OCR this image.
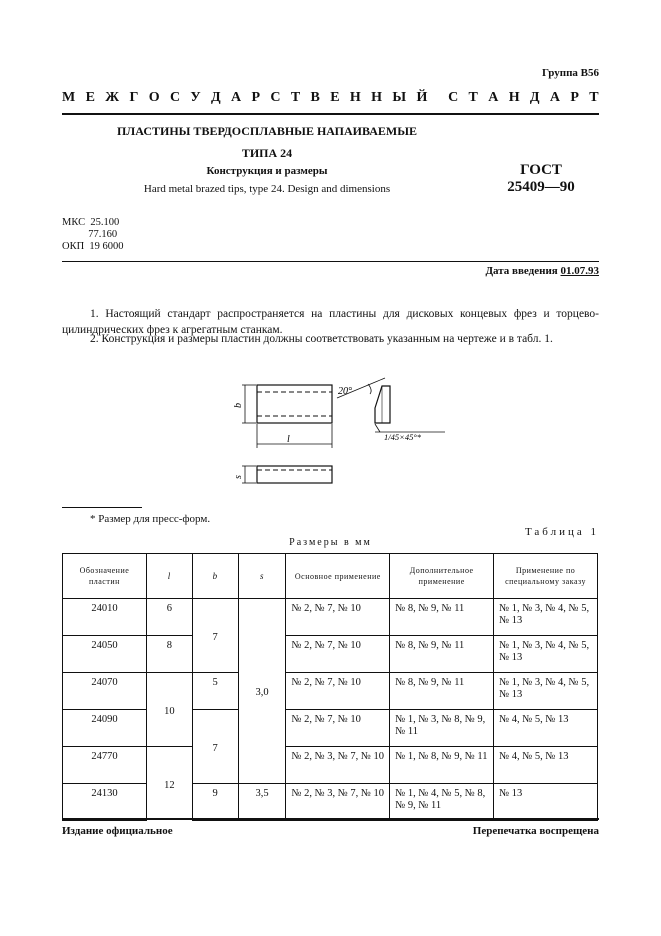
Группа В56
М Е Ж Г О С У Д А Р С Т В Е Н Н Ы Й С Т А Н Д А Р Т
ПЛАСТИНЫ ТВЕРДОСПЛАВНЫЕ НАПАИВАЕМЫЕ
ТИПА 24
Конструкция и размеры
Hard metal brazed tips, type 24. Design and dimensions
ГОСТ
25409—90
МКС  25.100
77.160
ОКП  19 6000
Дата введения 01.07.93
1. Настоящий стандарт распространяется на пластины для дисковых концевых фрез и торцево-цилиндрических фрез к агрегатным станкам.
2. Конструкция и размеры пластин должны соответствовать указанным на чертеже и в табл. 1.
b
l
s
20°
1/45×45°*
* Размер для пресс-форм.
Таблица 1
Размеры в мм
Обозначение пластин	l	b	s	Основное применение	Дополнительное применение	Применение по специальному заказу
24010	6	7	3,0	№ 2, № 7, № 10	№ 8, № 9, № 11	№ 1, № 3, № 4, № 5, № 13
24050	8			№ 2, № 7, № 10	№ 8, № 9, № 11	№ 1, № 3, № 4, № 5, № 13
24070	10	5		№ 2, № 7, № 10	№ 8, № 9, № 11	№ 1, № 3, № 4, № 5, № 13
24090		7		№ 2, № 7, № 10	№ 1, № 3, № 8, № 9, № 11	№ 4, № 5, № 13
24770	12			№ 2, № 3, № 7, № 10	№ 1, № 8, № 9, № 11	№ 4, № 5, № 13
24130		9	3,5	№ 2, № 3, № 7, № 10	№ 1, № 4, № 5, № 8, № 9, № 11	№ 13
Издание официальное	Перепечатка воспрещена
